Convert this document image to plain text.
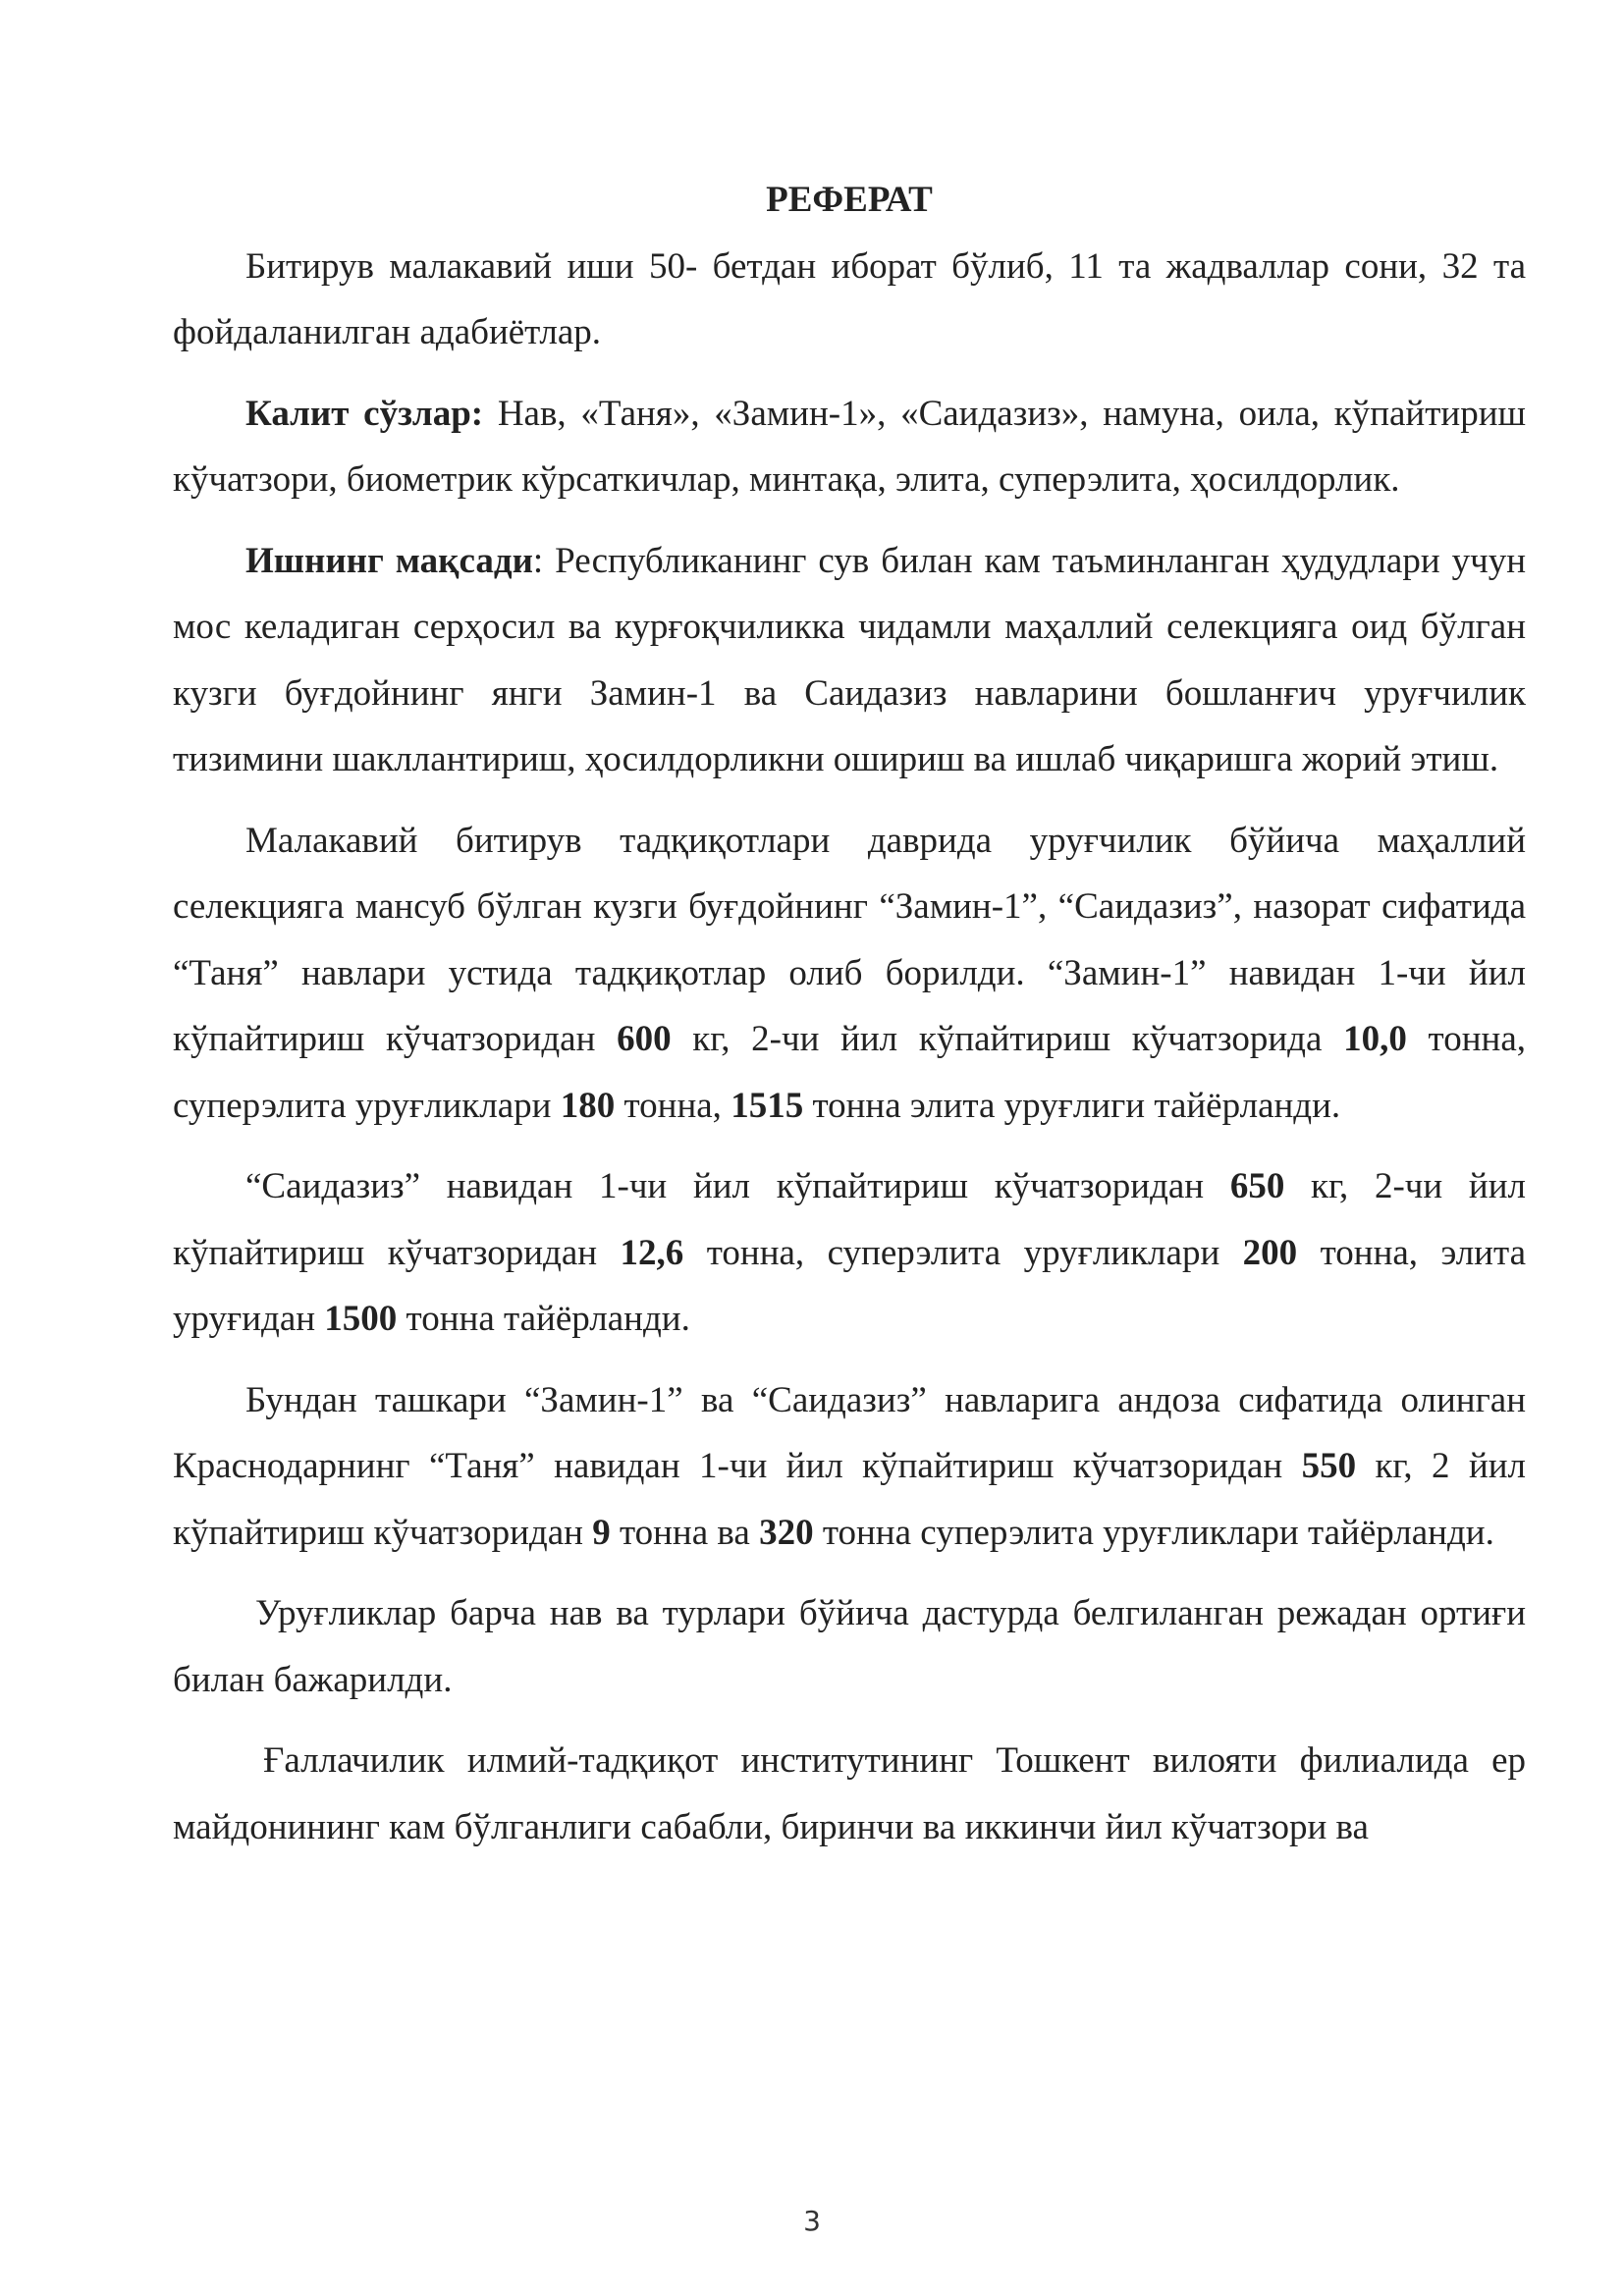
РЕФЕРАТ

Битирув малакавий иши 50- бетдан иборат бўлиб, 11 та жадваллар сони, 32 та фойдаланилган адабиётлар.

Калит сўзлар: Нав, «Таня», «Замин-1», «Саидазиз», намуна, оила, кўпайтириш кўчатзори, биометрик кўрсаткичлар, минтақа, элита, суперэлита, ҳосилдорлик.

Ишнинг мақсади: Республиканинг сув билан кам таъминланган ҳудудлари учун мос келадиган серҳосил ва курғоқчиликка чидамли маҳаллий селекцияга оид бўлган кузги буғдойнинг янги Замин-1 ва Саидазиз навларини бошланғич уруғчилик тизимини шакллантириш, ҳосилдорликни ошириш ва ишлаб чиқаришга жорий этиш.

Малакавий битирув тадқиқотлари даврида уруғчилик бўйича маҳаллий селекцияга мансуб бўлган кузги буғдойнинг “Замин-1”, “Саидазиз”, назорат сифатида “Таня” навлари устида тадқиқотлар олиб борилди. “Замин-1” навидан 1-чи йил кўпайтириш кўчатзоридан 600 кг, 2-чи йил кўпайтириш кўчатзорида 10,0 тонна, суперэлита уруғликлари 180 тонна, 1515 тонна элита уруғлиги тайёрланди.

“Саидазиз” навидан 1-чи йил кўпайтириш кўчатзоридан 650 кг, 2-чи йил кўпайтириш кўчатзоридан 12,6 тонна, суперэлита уруғликлари 200 тонна, элита уруғидан 1500 тонна тайёрланди.

Бундан ташкари “Замин-1” ва “Саидазиз” навларига андоза сифатида олинган Краснодарнинг “Таня” навидан 1-чи йил кўпайтириш кўчатзоридан 550 кг, 2 йил кўпайтириш кўчатзоридан 9 тонна ва 320 тонна суперэлита уруғликлари тайёрланди.

Уруғликлар барча нав ва турлари бўйича дастурда белгиланган режадан ортиғи билан бажарилди.

Ғаллачилик илмий-тадқиқот институтининг Тошкент вилояти филиалида ер майдонининг кам бўлганлиги сабабли, биринчи ва иккинчи йил кўчатзори ва

3
